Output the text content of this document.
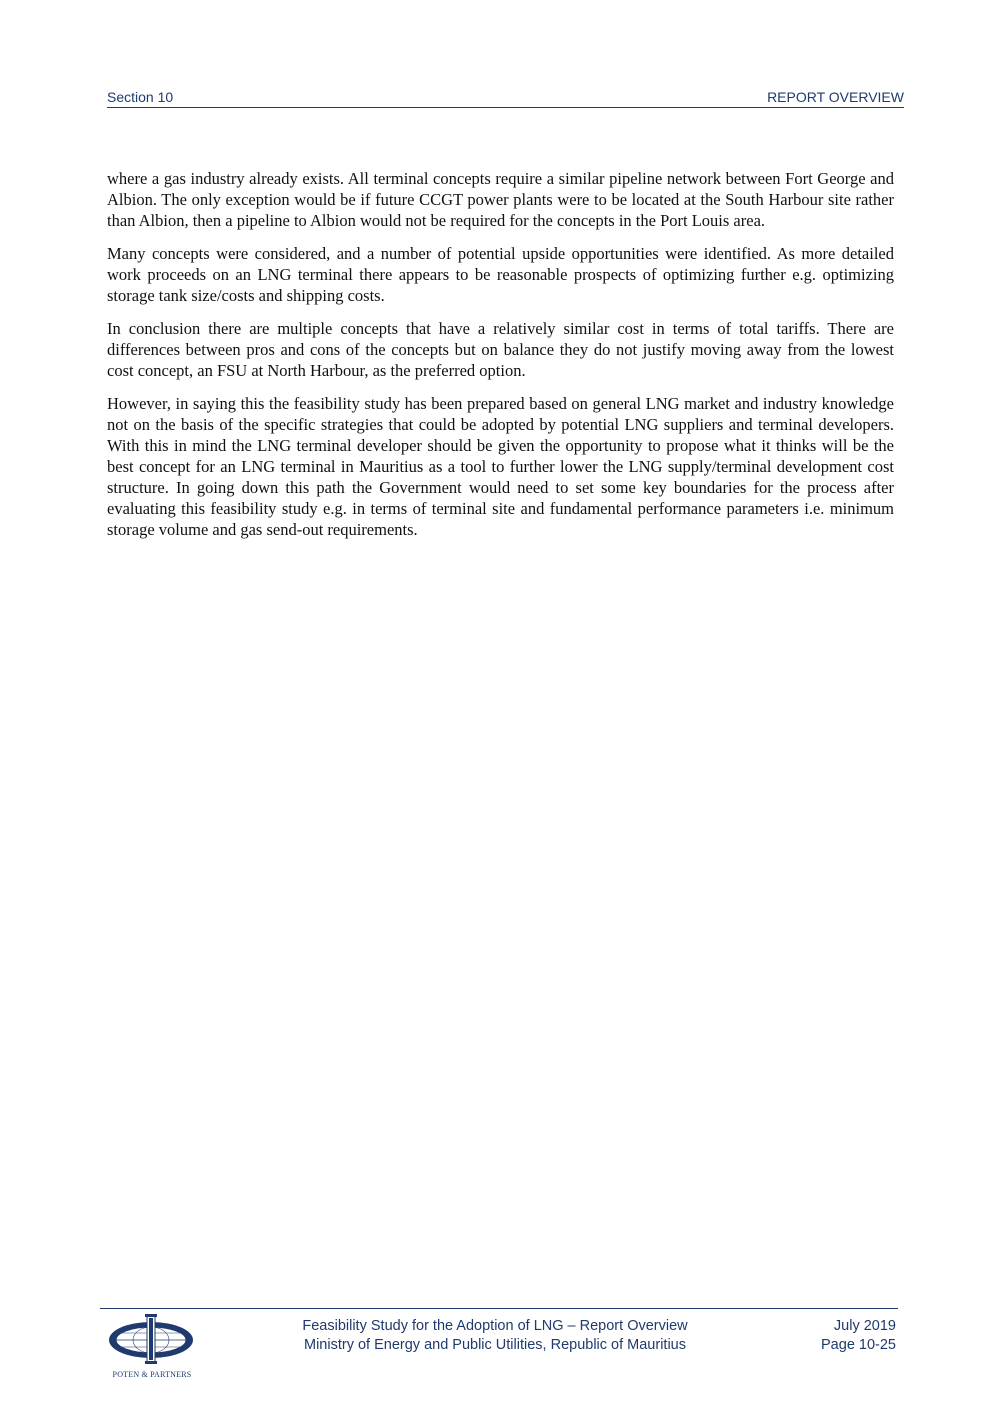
Section 10	REPORT OVERVIEW

where a gas industry already exists. All terminal concepts require a similar pipeline network between Fort George and Albion. The only exception would be if future CCGT power plants were to be located at the South Harbour site rather than Albion, then a pipeline to Albion would not be required for the concepts in the Port Louis area.

Many concepts were considered, and a number of potential upside opportunities were identified. As more detailed work proceeds on an LNG terminal there appears to be reasonable prospects of optimizing further e.g. optimizing storage tank size/costs and shipping costs.

In conclusion there are multiple concepts that have a relatively similar cost in terms of total tariffs. There are differences between pros and cons of the concepts but on balance they do not justify moving away from the lowest cost concept, an FSU at North Harbour, as the preferred option.

However, in saying this the feasibility study has been prepared based on general LNG market and industry knowledge not on the basis of the specific strategies that could be adopted by potential LNG suppliers and terminal developers. With this in mind the LNG terminal developer should be given the opportunity to propose what it thinks will be the best concept for an LNG terminal in Mauritius as a tool to further lower the LNG supply/terminal development cost structure. In going down this path the Government would need to set some key boundaries for the process after evaluating this feasibility study e.g. in terms of terminal site and fundamental performance parameters i.e. minimum storage volume and gas send-out requirements.

POTEN & PARTNERS
Feasibility Study for the Adoption of LNG – Report Overview
Ministry of Energy and Public Utilities, Republic of Mauritius
July 2019
Page 10-25
